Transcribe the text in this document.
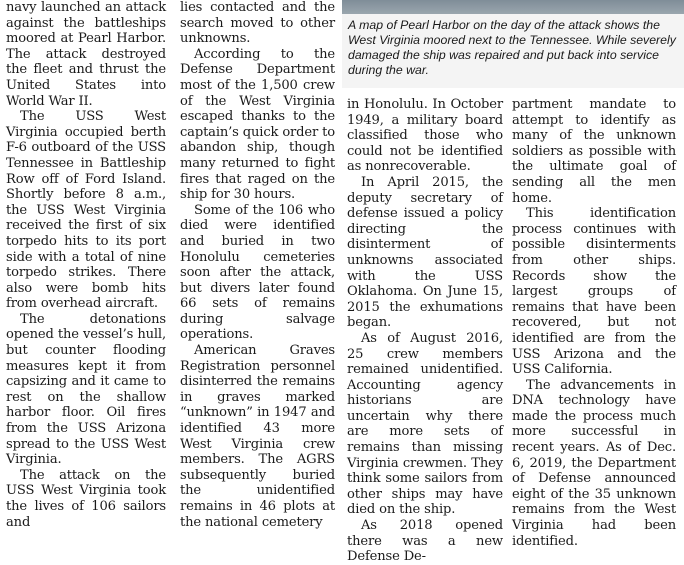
navy launched an attack against the battleships moored at Pearl Harbor. The attack destroyed the fleet and thrust the United States into World War II.

The USS West Virginia occupied berth F-6 outboard of the USS Tennessee in Battleship Row off of Ford Island. Shortly before 8 a.m., the USS West Virginia received the first of six torpedo hits to its port side with a total of nine torpedo strikes. There also were bomb hits from overhead aircraft.

The detonations opened the vessel’s hull, but counter flooding measures kept it from capsizing and it came to rest on the shallow harbor floor. Oil fires from the USS Arizona spread to the USS West Virginia.

The attack on the USS West Virginia took the lives of 106 sailors and

lies contacted and the search moved to other unknowns.

According to the Defense Department most of the 1,500 crew of the West Virginia escaped thanks to the captain’s quick order to abandon ship, though many returned to fight fires that raged on the ship for 30 hours.

Some of the 106 who died were identified and buried in two Honolulu cemeteries soon after the attack, but divers later found 66 sets of remains during salvage operations.

American Graves Registration personnel disinterred the remains in graves marked “unknown” in 1947 and identified 43 more West Virginia crew members. The AGRS subsequently buried the unidentified remains in 46 plots at the national cemetery

A map of Pearl Harbor on the day of the attack shows the West Virginia moored next to the Tennessee. While severely damaged the ship was repaired and put back into service during the war.

in Honolulu. In October 1949, a military board classified those who could not be identified as nonrecoverable.

In April 2015, the deputy secretary of defense issued a policy directing the disinterment of unknowns associated with the USS Oklahoma. On June 15, 2015 the exhumations began.

As of August 2016, 25 crew members remained unidentified. Accounting agency historians are uncertain why there are more sets of remains than missing Virginia crewmen. They think some sailors from other ships may have died on the ship.

As 2018 opened there was a new Defense De-

partment mandate to attempt to identify as many of the unknown soldiers as possible with the ultimate goal of sending all the men home.

This identification process continues with possible disinterments from other ships. Records show the largest groups of remains that have been recovered, but not identified are from the USS Arizona and the USS California.

The advancements in DNA technology have made the process much more successful in recent years. As of Dec. 6, 2019, the Department of Defense announced eight of the 35 unknown remains from the West Virginia had been identified.
